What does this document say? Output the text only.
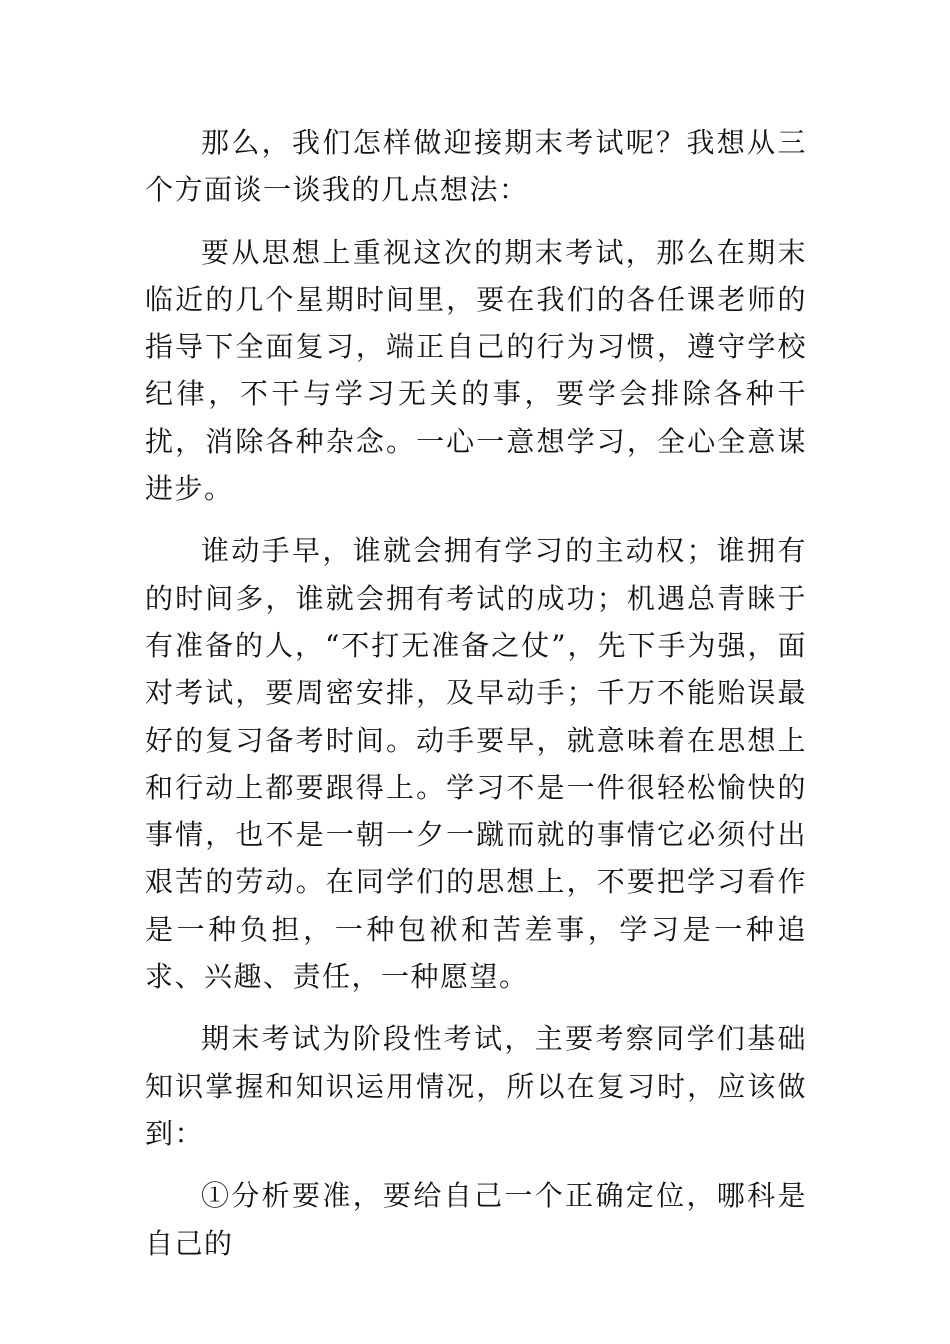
那么，我们怎样做迎接期末考试呢？我想从三个方面谈一谈我的几点想法：

要从思想上重视这次的期末考试，那么在期末临近的几个星期时间里，要在我们的各任课老师的指导下全面复习，端正自己的行为习惯，遵守学校纪律，不干与学习无关的事，要学会排除各种干扰，消除各种杂念。一心一意想学习，全心全意谋进步。

谁动手早，谁就会拥有学习的主动权；谁拥有的时间多，谁就会拥有考试的成功；机遇总青睐于有准备的人，“不打无准备之仗”，先下手为强，面对考试，要周密安排，及早动手；千万不能贻误最好的复习备考时间。动手要早，就意味着在思想上和行动上都要跟得上。学习不是一件很轻松愉快的事情，也不是一朝一夕一蹴而就的事情它必须付出艰苦的劳动。在同学们的思想上，不要把学习看作是一种负担，一种包袱和苦差事，学习是一种追求、兴趣、责任，一种愿望。

期末考试为阶段性考试，主要考察同学们基础知识掌握和知识运用情况，所以在复习时，应该做到：

①分析要准，要给自己一个正确定位，哪科是自己的
